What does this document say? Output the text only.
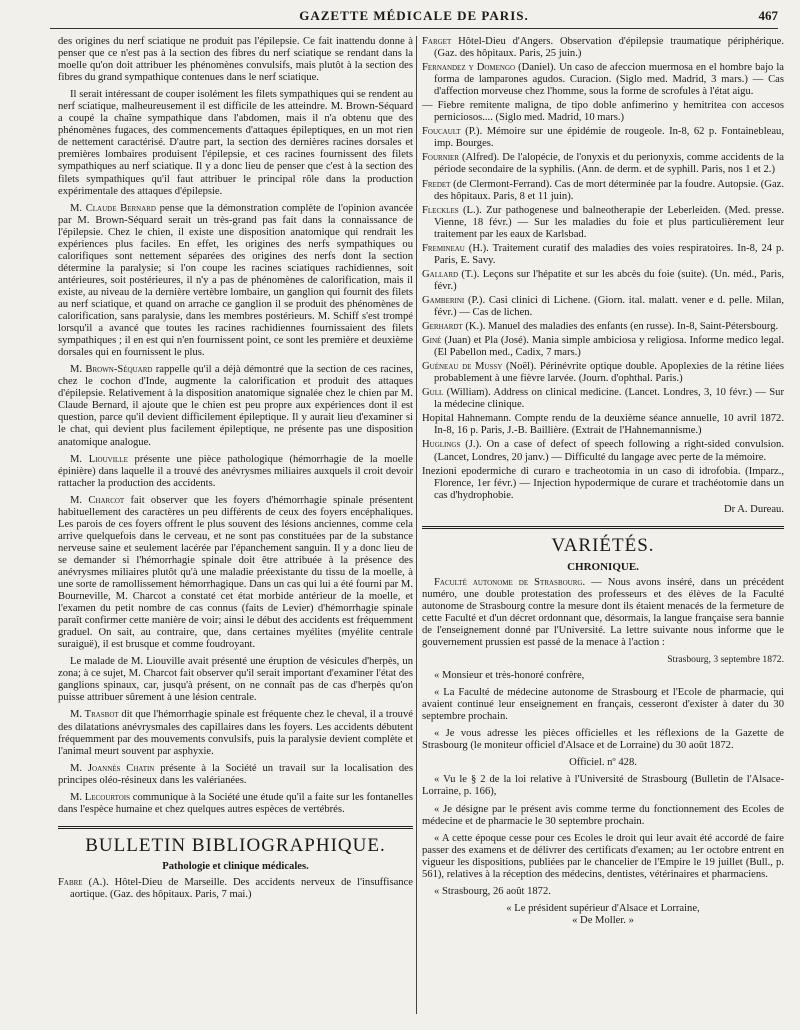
GAZETTE MÉDICALE DE PARIS.	467

des origines du nerf sciatique ne produit pas l'épilepsie. Ce fait inattendu donne à penser que ce n'est pas à la section des fibres du nerf sciatique se rendant dans la moelle qu'on doit attribuer les phénomènes convulsifs, mais plutôt à la section des fibres du grand sympathique contenues dans le nerf sciatique.

Il serait intéressant de couper isolément les filets sympathiques qui se rendent au nerf sciatique, malheureusement il est difficile de les atteindre. M. Brown-Séquard a coupé la chaîne sympathique dans l'abdomen, mais il n'a obtenu que des phénomènes fugaces, des commencements d'attaques épileptiques, en un mot rien de nettement caractérisé. D'autre part, la section des dernières racines dorsales et premières lombaires produisent l'épilepsie, et ces racines fournissent des filets sympathiques au nerf sciatique. Il y a donc lieu de penser que c'est à la section des filets sympathiques qu'il faut attribuer le principal rôle dans la production expérimentale des attaques d'épilepsie.

M. Claude Bernard pense que la démonstration complète de l'opinion avancée par M. Brown-Séquard serait un très-grand pas fait dans la connaissance de l'épilepsie. Chez le chien, il existe une disposition anatomique qui rendrait les expériences plus faciles. En effet, les origines des nerfs sympathiques ou calorifiques sont nettement séparées des origines des nerfs dont la section détermine la paralysie; si l'on coupe les racines sciatiques rachidiennes, soit antérieures, soit postérieures, il n'y a pas de phénomènes de calorification, mais il existe, au niveau de la dernière vertèbre lombaire, un ganglion qui fournit des filets au nerf sciatique, et quand on arrache ce ganglion il se produit des phénomènes de calorification, sans paralysie, dans les membres postérieurs. M. Schiff s'est trompé lorsqu'il a avancé que toutes les racines rachidiennes fournissaient des filets sympathiques ; il en est qui n'en fournissent point, ce sont les première et deuxième dorsales qui en fournissent le plus.

M. Brown-Séquard rappelle qu'il a déjà démontré que la section de ces racines, chez le cochon d'Inde, augmente la calorification et produit des attaques d'épilepsie. Relativement à la disposition anatomique signalée chez le chien par M. Claude Bernard, il ajoute que le chien est peu propre aux expériences dont il est question, parce qu'il devient difficilement épileptique. Il y aurait lieu d'examiner si le chat, qui devient plus facilement épileptique, ne présente pas une disposition anatomique analogue.

M. Liouville présente une pièce pathologique (hémorrhagie de la moelle épinière) dans laquelle il a trouvé des anévrysmes miliaires auxquels il croit devoir rattacher la production des accidents.

M. Charcot fait observer que les foyers d'hémorrhagie spinale présentent habituellement des caractères un peu différents de ceux des foyers encéphaliques. Les parois de ces foyers offrent le plus souvent des lésions anciennes, comme cela arrive quelquefois dans le cerveau, et ne sont pas constituées par de la substance nerveuse saine et seulement lacérée par l'épanchement sanguin. Il y a donc lieu de se demander si l'hémorrhagie spinale doit être attribuée à la présence des anévrysmes miliaires plutôt qu'à une maladie préexistante du tissu de la moelle, à une sorte de ramollissement hémorrhagique. Dans un cas qui lui a été fourni par M. Bourneville, M. Charcot a constaté cet état morbide antérieur de la moelle, et l'examen du petit nombre de cas connus (faits de Levier) d'hémorrhagie spinale paraît confirmer cette manière de voir; ainsi le début des accidents est fréquemment graduel. On sait, au contraire, que, dans certaines myélites (myélite centrale suraiguë), il est brusque et comme foudroyant.

Le malade de M. Liouville avait présenté une éruption de vésicules d'herpès, un zona; à ce sujet, M. Charcot fait observer qu'il serait important d'examiner l'état des ganglions spinaux, car, jusqu'à présent, on ne connaît pas de cas d'herpès qu'on puisse attribuer sûrement à une lésion centrale.

M. Trasbot dit que l'hémorrhagie spinale est fréquente chez le cheval, il a trouvé des dilatations anévrysmales des capillaires dans les foyers. Les accidents débutent fréquemment par des mouvements convulsifs, puis la paralysie devient complète et l'animal meurt souvent par asphyxie.

M. Joannès Chatin présente à la Société un travail sur la localisation des principes oléo-résineux dans les valérianées.

M. Lecourtois communique à la Société une étude qu'il a faite sur les fontanelles dans l'espèce humaine et chez quelques autres espèces de vertébrés.

BULLETIN BIBLIOGRAPHIQUE.
Pathologie et clinique médicales.

Fabre (A.). Hôtel-Dieu de Marseille. Des accidents nerveux de l'insuffisance aortique. (Gaz. des hôpitaux. Paris, 7 mai.)

Farget Hôtel-Dieu d'Angers. Observation d'épilepsie traumatique périphérique. (Gaz. des hôpitaux. Paris, 25 juin.)

Fernandez y Domengo (Daniel). Un caso de afeccion muermosa en el hombre bajo la forma de lamparones agudos. Curacion. (Siglo med. Madrid, 3 mars.) — Cas d'affection morveuse chez l'homme, sous la forme de scrofules à l'état aigu.

— Fiebre remitente maligna, de tipo doble anfimerino y hemitritea con accesos perniciosos.... (Siglo med. Madrid, 10 mars.)

Foucault (P.). Mémoire sur une épidémie de rougeole. In-8, 62 p. Fontainebleau, imp. Bourges.

Fournier (Alfred). De l'alopécie, de l'onyxis et du perionyxis, comme accidents de la période secondaire de la syphilis. (Ann. de derm. et de syphill. Paris, nos 1 et 2.)

Fredet (de Clermont-Ferrand). Cas de mort déterminée par la foudre. Autopsie. (Gaz. des hôpitaux. Paris, 8 et 11 juin).

Fleckles (L.). Zur pathogenese und balneotherapie der Leberleiden. (Med. presse. Vienne, 18 févr.) — Sur les maladies du foie et plus particulièrement leur traitement par les eaux de Karlsbad.

Fremineau (H.). Traitement curatif des maladies des voies respiratoires. In-8, 24 p. Paris, E. Savy.

Gallard (T.). Leçons sur l'hépatite et sur les abcès du foie (suite). (Un. méd., Paris, févr.)

Gamberini (P.). Casi clinici di Lichene. (Giorn. ital. malatt. vener e d. pelle. Milan, févr.) — Cas de lichen.

Gerhardt (K.). Manuel des maladies des enfants (en russe). In-8, Saint-Pétersbourg.

Giné (Juan) et Pla (José). Mania simple ambiciosa y religiosa. Informe medico legal. (El Pabellon med., Cadix, 7 mars.)

Guéneau de Mussy (Noël). Périnévrite optique double. Apoplexies de la rétine liées probablement à une fièvre larvée. (Journ. d'ophthal. Paris.)

Gull (William). Address on clinical medicine. (Lancet. Londres, 3, 10 févr.) — Sur la médecine clinique.

Hopital Hahnemann. Compte rendu de la deuxième séance annuelle, 10 avril 1872. In-8, 16 p. Paris, J.-B. Baillière. (Extrait de l'Hahnemannisme.)

Huglings (J.). On a case of defect of speech following a right-sided convulsion. (Lancet, Londres, 20 janv.) — Difficulté du langage avec perte de la mémoire.

Inezioni epodermiche di curaro e tracheotomia in un caso di idrofobia. (Imparz., Florence, 1er févr.) — Injection hypodermique de curare et trachéotomie dans un cas d'hydrophobie.

Dr A. Dureau.

VARIÉTÉS.
CHRONIQUE.

Faculté autonome de Strasbourg. — Nous avons inséré, dans un précédent numéro, une double protestation des professeurs et des élèves de la Faculté autonome de Strasbourg contre la mesure dont ils étaient menacés de la fermeture de cette Faculté et d'un décret ordonnant que, désormais, la langue française sera bannie de l'enseignement donné par l'Université. La lettre suivante nous informe que le gouvernement prussien est passé de la menace à l'action :

Strasbourg, 3 septembre 1872.

« Monsieur et très-honoré confrère,

« La Faculté de médecine autonome de Strasbourg et l'Ecole de pharmacie, qui avaient continué leur enseignement en français, cesseront d'exister à dater du 30 septembre prochain.

« Je vous adresse les pièces officielles et les réflexions de la Gazette de Strasbourg (le moniteur officiel d'Alsace et de Lorraine) du 30 août 1872.

Officiel. nº 428.

« Vu le § 2 de la loi relative à l'Université de Strasbourg (Bulletin de l'Alsace-Lorraine, p. 166),

« Je désigne par le présent avis comme terme du fonctionnement des Ecoles de médecine et de pharmacie le 30 septembre prochain.

« A cette époque cesse pour ces Ecoles le droit qui leur avait été accordé de faire passer des examens et de délivrer des certificats d'examen; au 1er octobre entrent en vigueur les dispositions, publiées par le chancelier de l'Empire le 19 juillet (Bull., p. 561), relatives à la réception des médecins, dentistes, vétérinaires et pharmaciens.

« Strasbourg, 26 août 1872.

« Le président supérieur d'Alsace et Lorraine,

« De Moller. »
